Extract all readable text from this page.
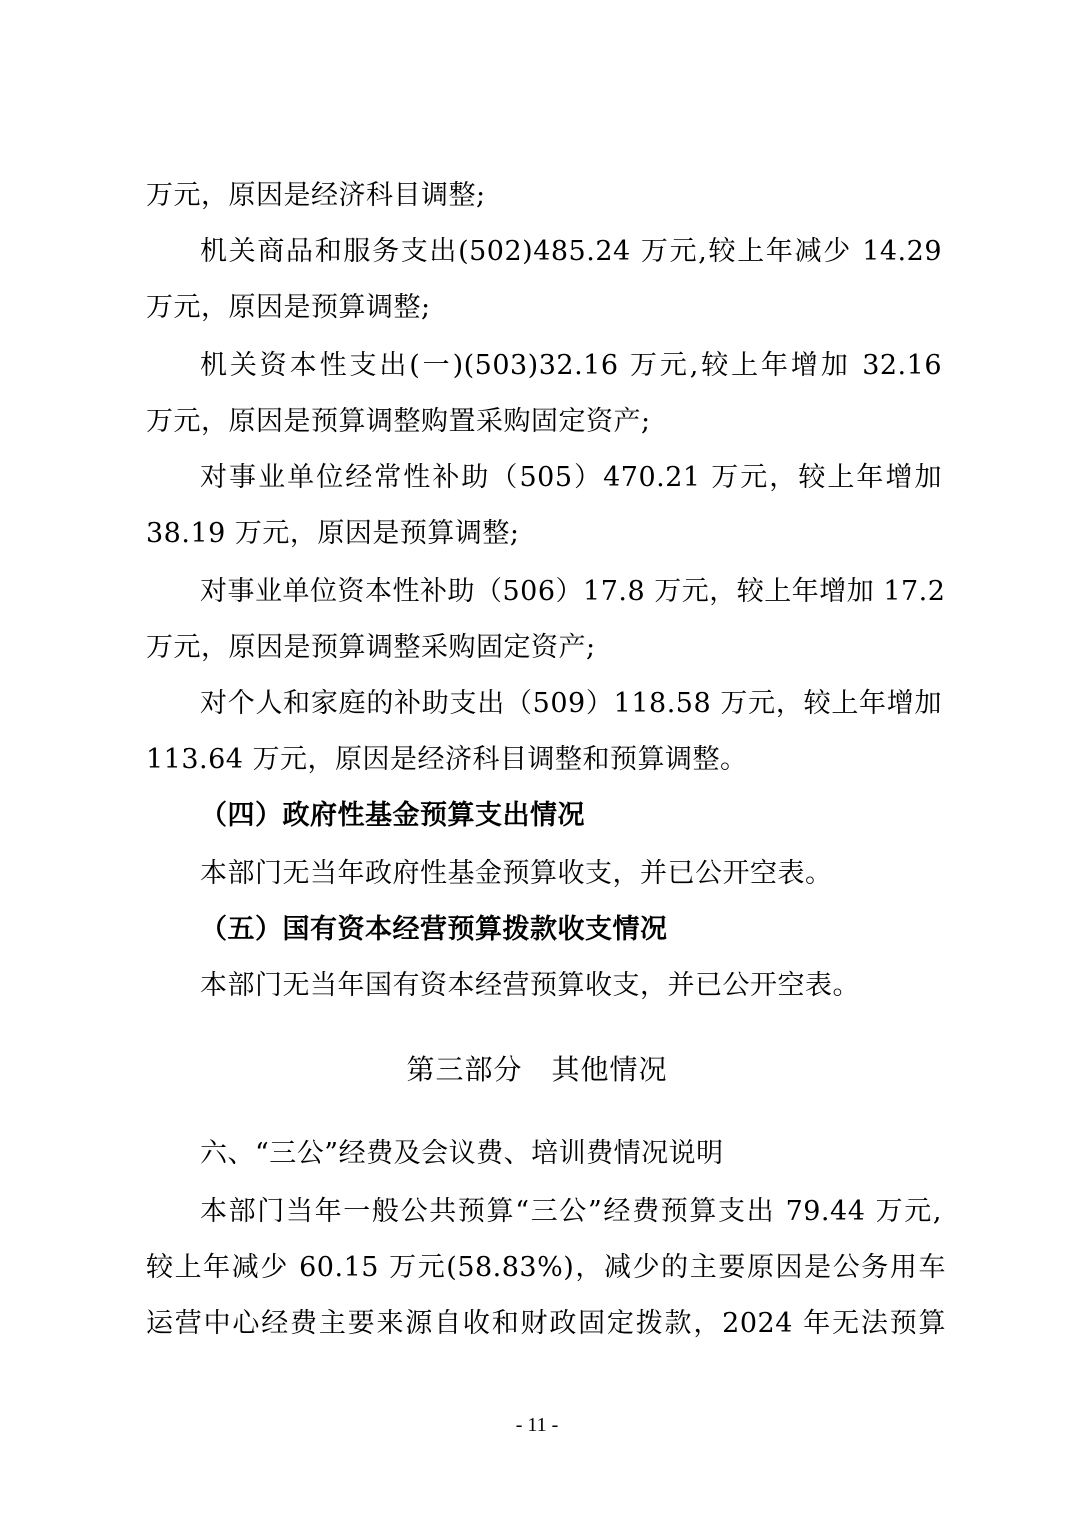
万元，原因是经济科目调整;
机关商品和服务支出(502)485.24 万元,较上年减少 14.29
万元，原因是预算调整;
机关资本性支出(一)(503)32.16 万元,较上年增加 32.16
万元，原因是预算调整购置采购固定资产;
对事业单位经常性补助（505）470.21 万元，较上年增加
38.19 万元，原因是预算调整;
对事业单位资本性补助（506）17.8 万元，较上年增加 17.2
万元，原因是预算调整采购固定资产;
对个人和家庭的补助支出（509）118.58 万元，较上年增加
113.64 万元，原因是经济科目调整和预算调整。
（四）政府性基金预算支出情况
本部门无当年政府性基金预算收支，并已公开空表。
（五）国有资本经营预算拨款收支情况
本部门无当年国有资本经营预算收支，并已公开空表。
第三部分　其他情况
六、“三公”经费及会议费、培训费情况说明
本部门当年一般公共预算“三公”经费预算支出 79.44 万元,
较上年减少 60.15 万元(58.83%)，减少的主要原因是公务用车
运营中心经费主要来源自收和财政固定拨款，2024 年无法预算
- 11 -
